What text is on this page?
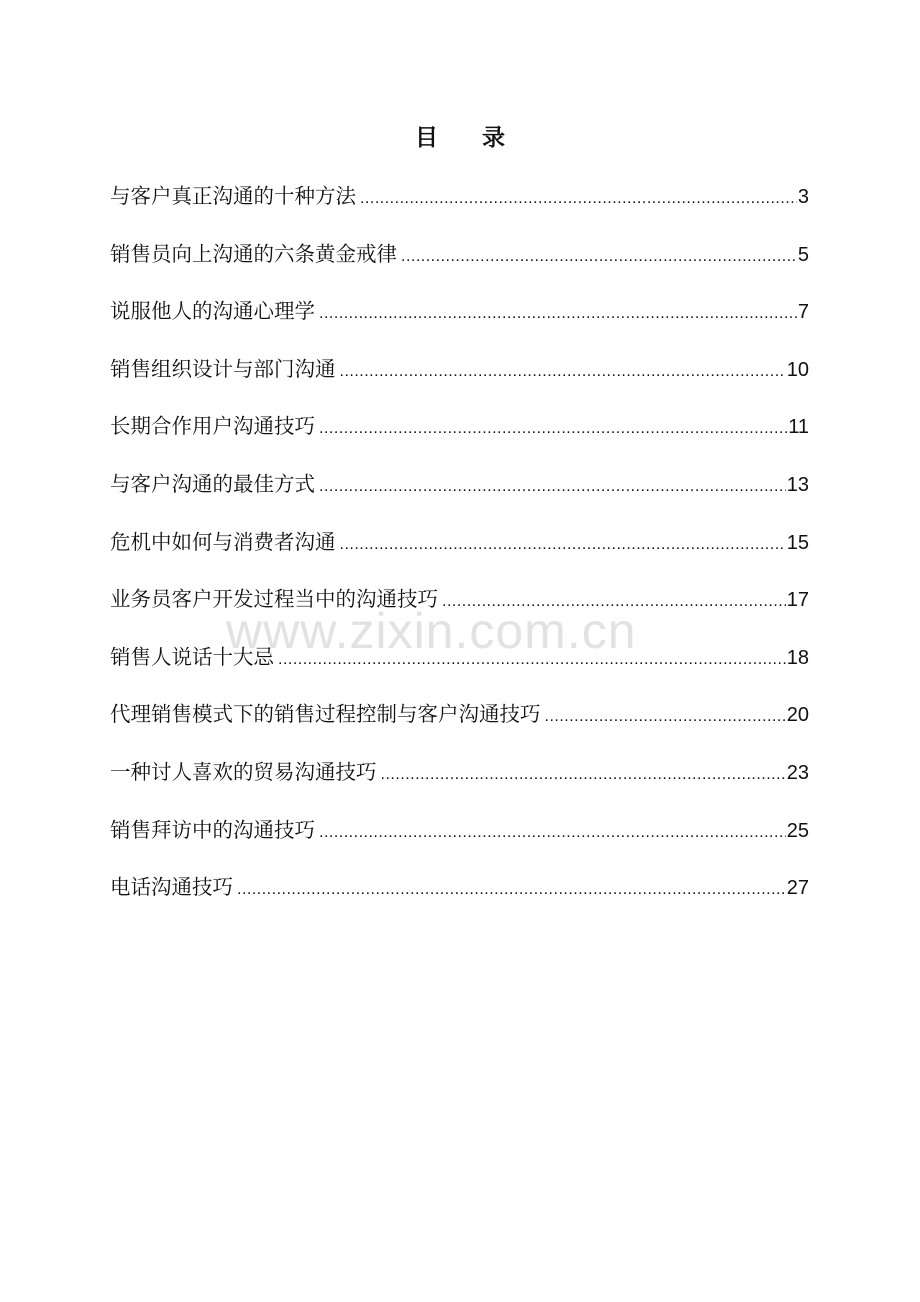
目 录
与客户真正沟通的十种方法 .....	3
销售员向上沟通的六条黄金戒律 .....	5
说服他人的沟通心理学 .....	7
销售组织设计与部门沟通 .....	10
长期合作用户沟通技巧 .....	11
与客户沟通的最佳方式 .....	13
危机中如何与消费者沟通 .....	15
业务员客户开发过程当中的沟通技巧 .....	17
销售人说话十大忌 .....	18
代理销售模式下的销售过程控制与客户沟通技巧 .....	20
一种讨人喜欢的贸易沟通技巧 .....	23
销售拜访中的沟通技巧 .....	25
电话沟通技巧 .....	27
www.zixin.com.cn
